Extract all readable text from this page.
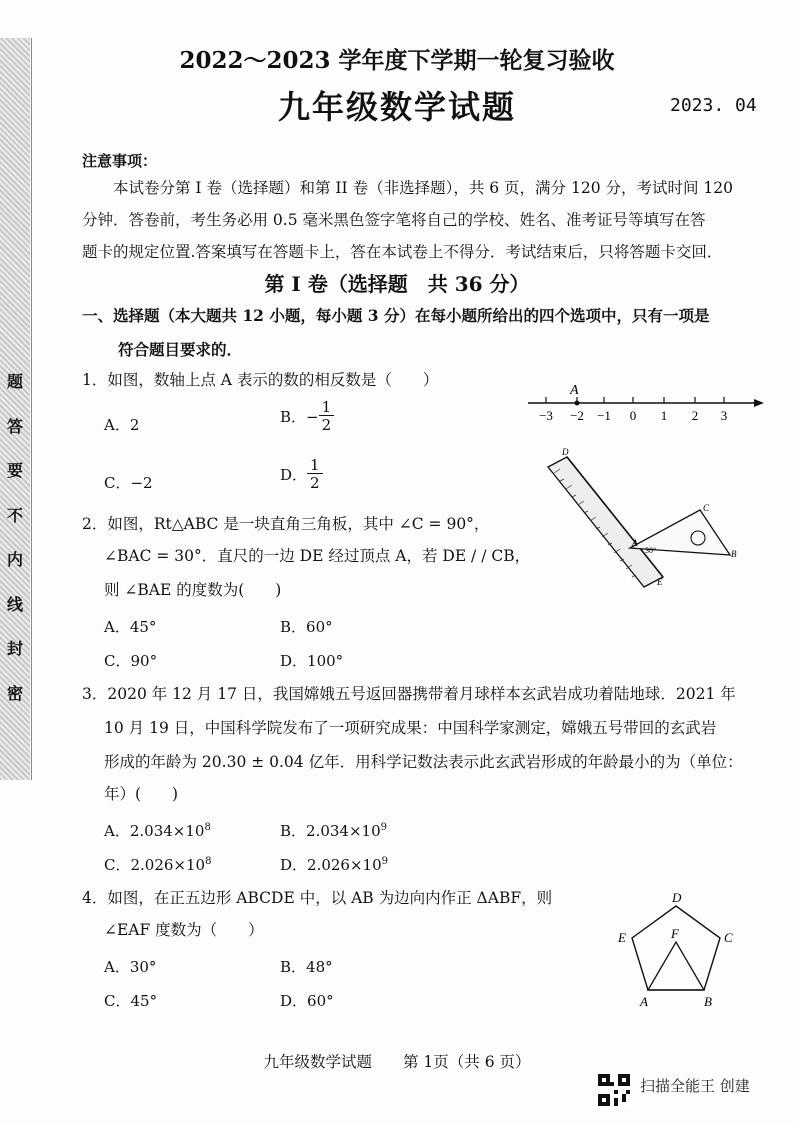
题
答
要
不
内
线
封
密
2022～2023 学年度下学期一轮复习验收
九年级数学试题	2023. 04
注意事项：
本试卷分第 I 卷（选择题）和第 II 卷（非选择题），共 6 页，满分 120 分，考试时间 120
分钟．答卷前，考生务必用 0.5 毫米黑色签字笔将自己的学校、姓名、准考证号等填写在答
题卡的规定位置.答案填写在答题卡上，答在本试卷上不得分．考试结束后，只将答题卡交回．
第 I 卷（选择题　共 36 分）
一、选择题（本大题共 12 小题，每小题 3 分）在每小题所给出的四个选项中，只有一项是
符合题目要求的．
1．如图，数轴上点 A 表示的数的相反数是（　　）
A．2	B．− $\frac{1}{2}$
C．−2	D． $\frac{1}{2}$
A
−3 −2 −1 0 1 2 3
2．如图，Rt△ABC 是一块直角三角板，其中 ∠C = 90°，
∠BAC = 30°．直尺的一边 DE 经过顶点 A，若 DE / / CB，
则 ∠BAE 的度数为(　　)
A．45°	B．60°
C．90°	D．100°
D
E
A
B
C
30°
3．2020 年 12 月 17 日，我国嫦娥五号返回器携带着月球样本玄武岩成功着陆地球．2021 年
10 月 19 日，中国科学院发布了一项研究成果：中国科学家测定，嫦娥五号带回的玄武岩
形成的年龄为 20.30 ± 0.04 亿年．用科学记数法表示此玄武岩形成的年龄最小的为（单位：
年）(　　)
A．$2.034\times 10^8$	B．$2.034\times 10^9$
C．$2.026\times 10^8$	D．$2.026\times 10^9$
4．如图，在正五边形 ABCDE 中，以 AB 为边向内作正 ΔABF，则
∠EAF 度数为（　　）
A．30°	B．48°
C．45°	D．60°
D
C
B
A
E	F
九年级数学试题　　第 1页（共 6 页）
扫描全能王 创建
